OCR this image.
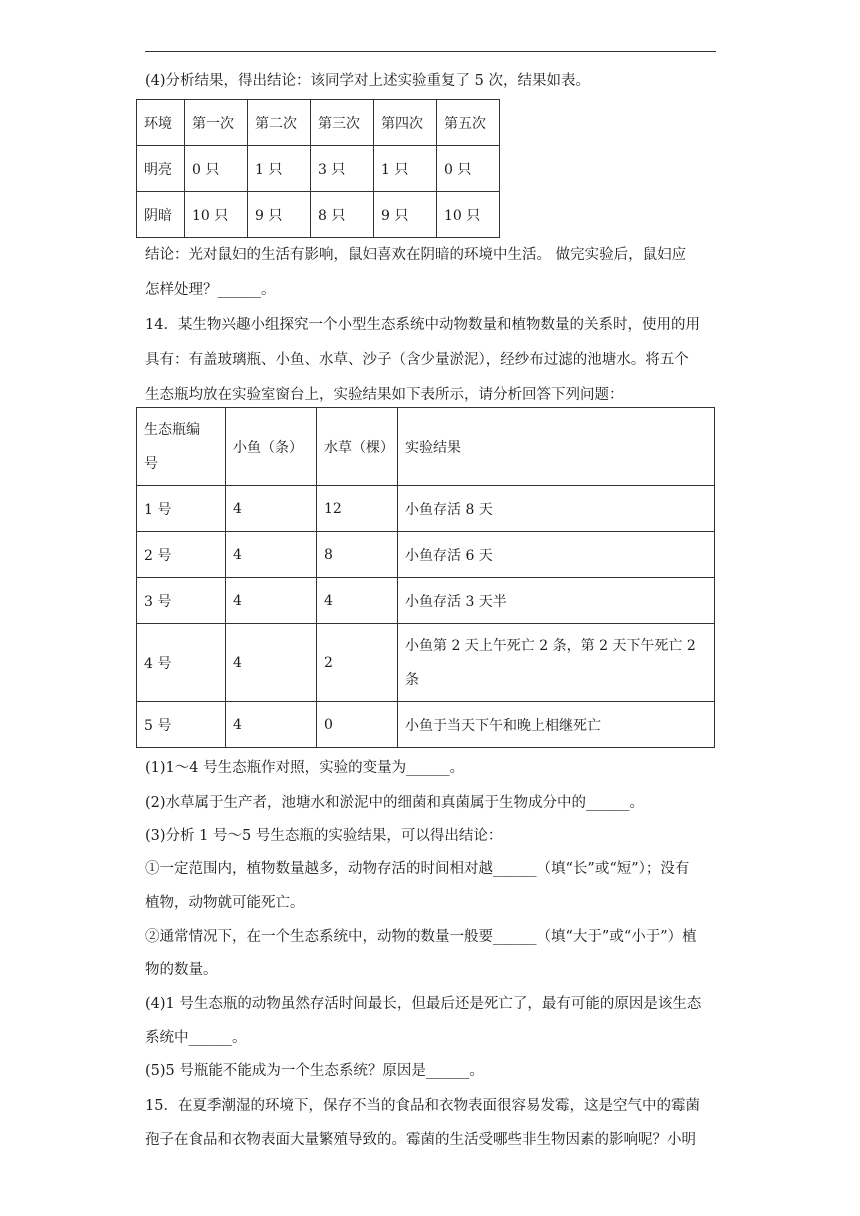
(4)分析结果，得出结论：该同学对上述实验重复了 5 次，结果如表。
环境	第一次	第二次	第三次	第四次	第五次
明亮	0 只	1 只	3 只	1 只	0 只
阴暗	10 只	9 只	8 只	9 只	10 只
结论：光对鼠妇的生活有影响，鼠妇喜欢在阴暗的环境中生活。 做完实验后，鼠妇应
怎样处理？______。
14．某生物兴趣小组探究一个小型生态系统中动物数量和植物数量的关系时，使用的用
具有：有盖玻璃瓶、小鱼、水草、沙子（含少量淤泥），经纱布过滤的池塘水。将五个
生态瓶均放在实验室窗台上，实验结果如下表所示，请分析回答下列问题：
生态瓶编
号	小鱼（条）	水草（棵）	实验结果
1 号	4	12	小鱼存活 8 天
2 号	4	8	小鱼存活 6 天
3 号	4	4	小鱼存活 3 天半
4 号	4	2	小鱼第 2 天上午死亡 2 条，第 2 天下午死亡 2
条
5 号	4	0	小鱼于当天下午和晚上相继死亡
(1)1～4 号生态瓶作对照，实验的变量为______。
(2)水草属于生产者，池塘水和淤泥中的细菌和真菌属于生物成分中的______。
(3)分析 1 号～5 号生态瓶的实验结果，可以得出结论：
①一定范围内，植物数量越多，动物存活的时间相对越______（填“长”或“短”）；没有
植物，动物就可能死亡。
②通常情况下，在一个生态系统中，动物的数量一般要______（填“大于”或“小于”）植
物的数量。
(4)1 号生态瓶的动物虽然存活时间最长，但最后还是死亡了，最有可能的原因是该生态
系统中______。
(5)5 号瓶能不能成为一个生态系统？原因是______。
15．在夏季潮湿的环境下，保存不当的食品和衣物表面很容易发霉，这是空气中的霉菌
孢子在食品和衣物表面大量繁殖导致的。霉菌的生活受哪些非生物因素的影响呢？小明
